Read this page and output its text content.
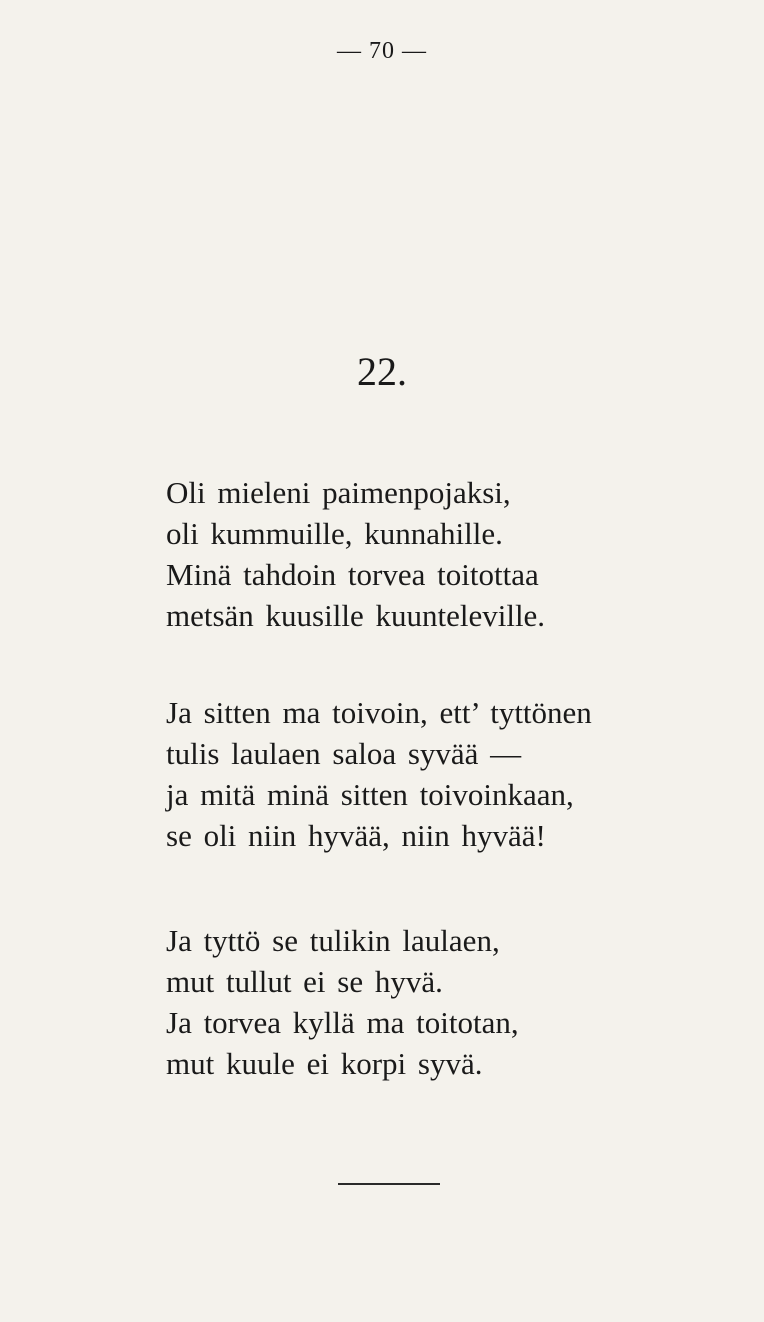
— 70 —
22.
Oli mieleni paimenpojaksi,
oli kummuille, kunnahille.
Minä tahdoin torvea toitottaa
metsän kuusille kuunteleville.
Ja sitten ma toivoin, ett’ tyttönen
tulis laulaen saloa syvää —
ja mitä minä sitten toivoinkaan,
se oli niin hyvää, niin hyvää!
Ja tyttö se tulikin laulaen,
mut tullut ei se hyvä.
Ja torvea kyllä ma toitotan,
mut kuule ei korpi syvä.
